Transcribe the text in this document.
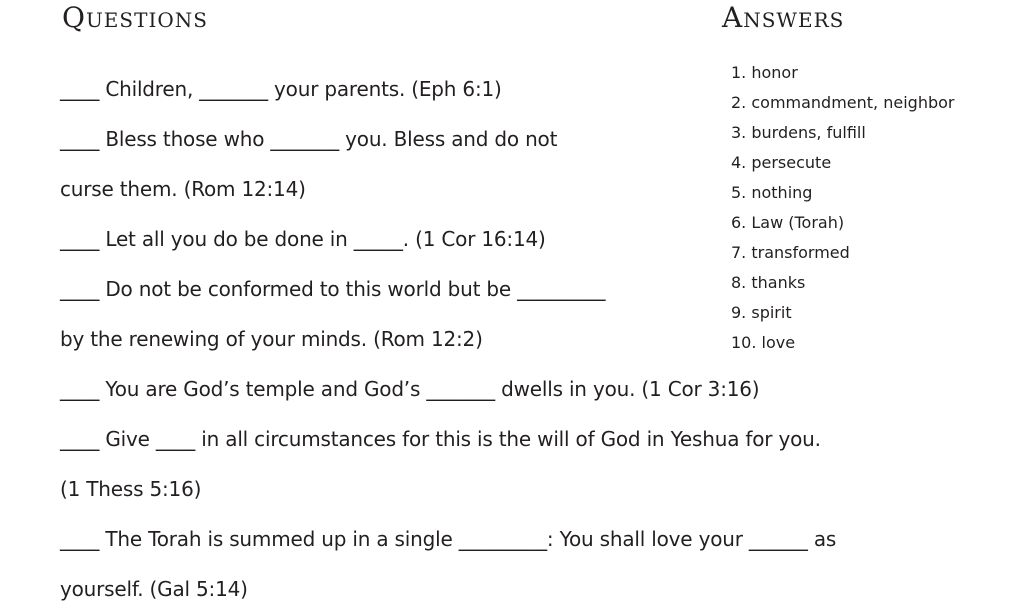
Questions	Answers
____ Children, _______ your parents. (Eph 6:1)
____ Bless those who _______ you. Bless and do not
curse them. (Rom 12:14)
____ Let all you do be done in _____. (1 Cor 16:14)
____ Do not be conformed to this world but be _________
by the renewing of your minds. (Rom 12:2)
____ You are God’s temple and God’s _______ dwells in you. (1 Cor 3:16)
____ Give ____ in all circumstances for this is the will of God in Yeshua for you.
(1 Thess 5:16)
____ The Torah is summed up in a single _________: You shall love your ______ as
yourself. (Gal 5:14)
1. honor
2. commandment, neighbor
3. burdens, fulfill
4. persecute
5. nothing
6. Law (Torah)
7. transformed
8. thanks
9. spirit
10. love
